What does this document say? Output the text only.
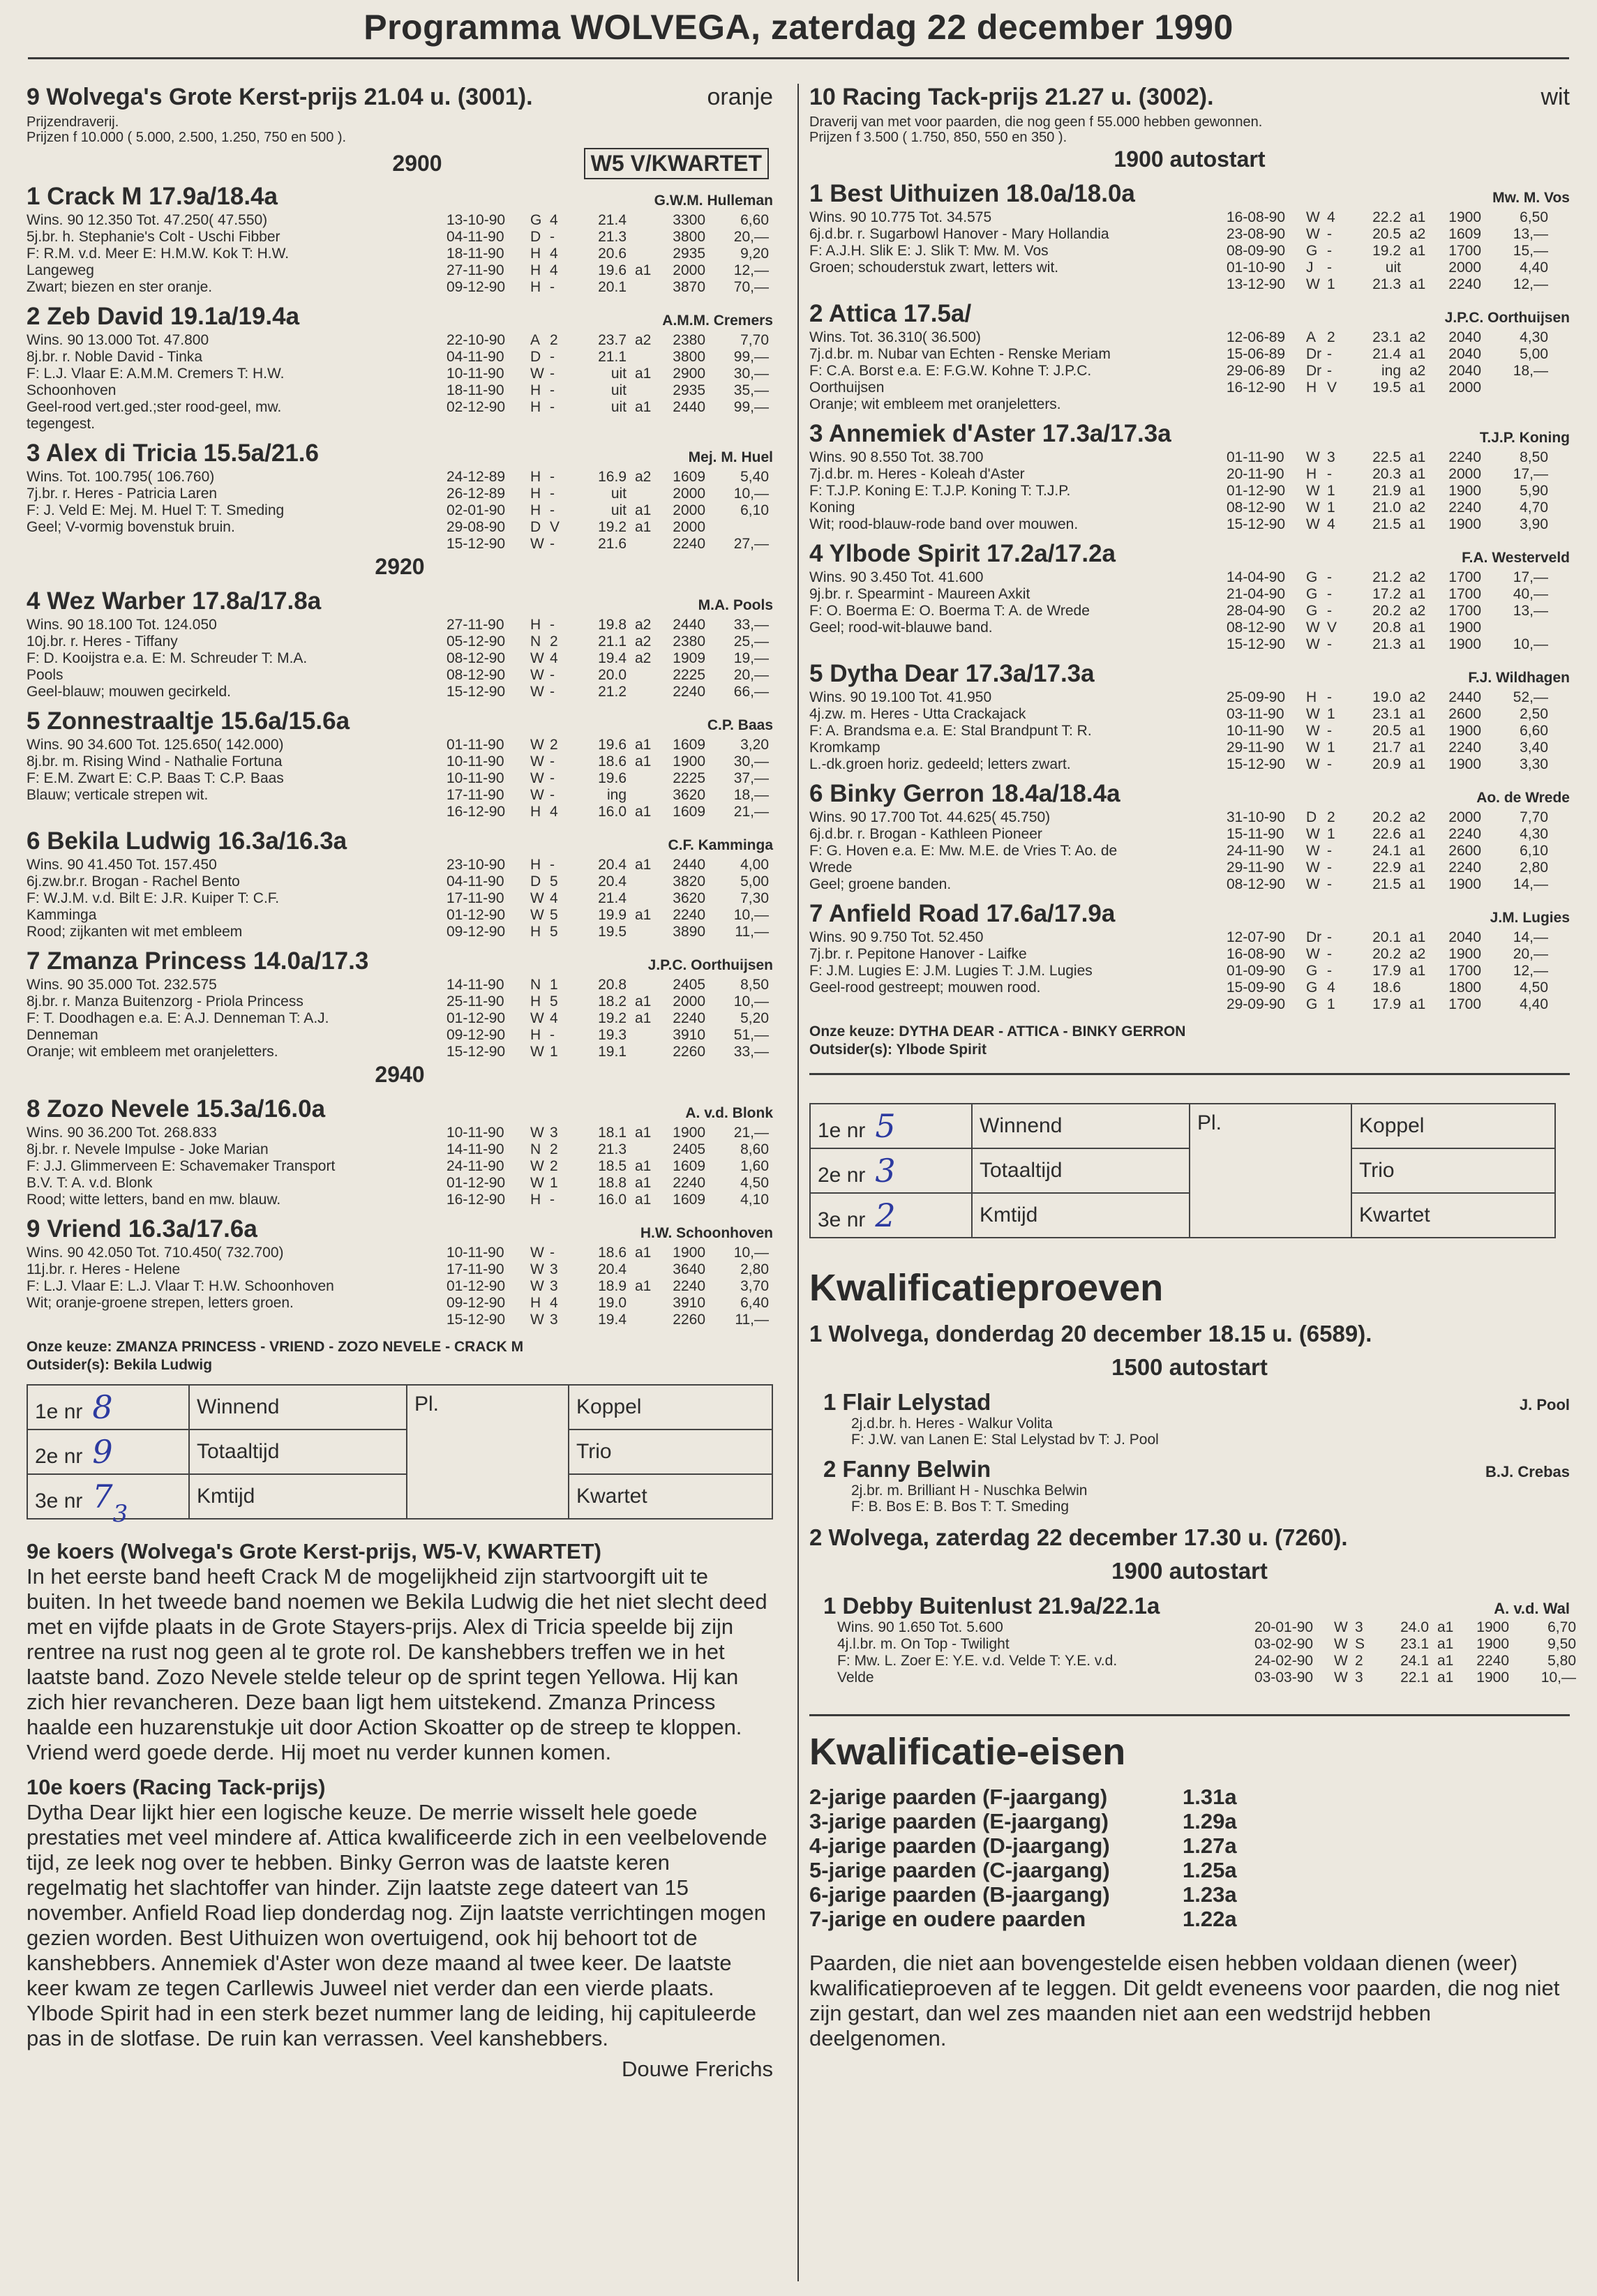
Programma WOLVEGA, zaterdag 22 december 1990
9 Wolvega's Grote Kerst-prijs 21.04 u. (3001).	oranje
Prijzendraverij.
Prijzen f 10.000 ( 5.000, 2.500, 1.250, 750 en 500 ).
2900	W5 V/KWARTET
1 Crack M 17.9a/18.4a	G.W.M. Hulleman
Wins. 90 12.350 Tot. 47.250( 47.550)
5j.br. h. Stephanie's Colt - Uschi Fibber
F: R.M. v.d. Meer E: H.M.W. Kok T: H.W.
Langeweg
Zwart; biezen en ster oranje.
13-10-90 G 4	21.4	3300	6,60
04-11-90 D -	21.3	3800	20,—
18-11-90 H 4	20.6	2935	9,20
27-11-90 H 4	19.6 a1	2000	12,—
09-12-90 H -	20.1	3870	70,—
2 Zeb David 19.1a/19.4a	A.M.M. Cremers
Wins. 90 13.000 Tot. 47.800
8j.br. r. Noble David - Tinka
F: L.J. Vlaar E: A.M.M. Cremers T: H.W.
Schoonhoven
Geel-rood vert.ged.;ster rood-geel, mw.
tegengest.
22-10-90 A 2	23.7 a2	2380	7,70
04-11-90 D -	21.1	3800	99,—
10-11-90 W -	uit a1	2900	30,—
18-11-90 H -	uit	2935	35,—
02-12-90 H -	uit a1	2440	99,—
3 Alex di Tricia 15.5a/21.6	Mej. M. Huel
Wins. Tot. 100.795( 106.760)
7j.br. r. Heres - Patricia Laren
F: J. Veld E: Mej. M. Huel T: T. Smeding
Geel; V-vormig bovenstuk bruin.
24-12-89 H -	16.9 a2	1609	5,40
26-12-89 H -	uit	2000	10,—
02-01-90 H -	uit a1	2000	6,10
29-08-90 D V	19.2 a1	2000
15-12-90 W -	21.6	2240	27,—
2920
4 Wez Warber 17.8a/17.8a	M.A. Pools
Wins. 90 18.100 Tot. 124.050
10j.br. r. Heres - Tiffany
F: D. Kooijstra e.a. E: M. Schreuder T: M.A.
Pools
Geel-blauw; mouwen gecirkeld.
27-11-90 H -	19.8 a2	2440	33,—
05-12-90 N 2	21.1 a2	2380	25,—
08-12-90 W 4	19.4 a2	1909	19,—
08-12-90 W -	20.0	2225	20,—
15-12-90 W -	21.2	2240	66,—
5 Zonnestraaltje 15.6a/15.6a	C.P. Baas
Wins. 90 34.600 Tot. 125.650( 142.000)
8j.br. m. Rising Wind - Nathalie Fortuna
F: E.M. Zwart E: C.P. Baas T: C.P. Baas
Blauw; verticale strepen wit.
01-11-90 W 2	19.6 a1	1609	3,20
10-11-90 W -	18.6 a1	1900	30,—
10-11-90 W -	19.6	2225	37,—
17-11-90 W -	ing	3620	18,—
16-12-90 H 4	16.0 a1	1609	21,—
6 Bekila Ludwig 16.3a/16.3a	C.F. Kamminga
Wins. 90 41.450 Tot. 157.450
6j.zw.br.r. Brogan - Rachel Bento
F: W.J.M. v.d. Bilt E: J.R. Kuiper T: C.F.
Kamminga
Rood; zijkanten wit met embleem
23-10-90 H -	20.4 a1	2440	4,00
04-11-90 D 5	20.4	3820	5,00
17-11-90 W 4	21.4	3620	7,30
01-12-90 W 5	19.9 a1	2240	10,—
09-12-90 H 5	19.5	3890	11,—
7 Zmanza Princess 14.0a/17.3	J.P.C. Oorthuijsen
Wins. 90 35.000 Tot. 232.575
8j.br. r. Manza Buitenzorg - Priola Princess
F: T. Doodhagen e.a. E: A.J. Denneman T: A.J.
Denneman
Oranje; wit embleem met oranjeletters.
14-11-90 N 1	20.8	2405	8,50
25-11-90 H 5	18.2 a1	2000	10,—
01-12-90 W 4	19.2 a1	2240	5,20
09-12-90 H -	19.3	3910	51,—
15-12-90 W 1	19.1	2260	33,—
2940
8 Zozo Nevele 15.3a/16.0a	A. v.d. Blonk
Wins. 90 36.200 Tot. 268.833
8j.br. r. Nevele Impulse - Joke Marian
F: J.J. Glimmerveen E: Schavemaker Transport
B.V. T: A. v.d. Blonk
Rood; witte letters, band en mw. blauw.
10-11-90 W 3	18.1 a1	1900	21,—
14-11-90 N 2	21.3	2405	8,60
24-11-90 W 2	18.5 a1	1609	1,60
01-12-90 W 1	18.8 a1	2240	4,50
16-12-90 H -	16.0 a1	1609	4,10
9 Vriend 16.3a/17.6a	H.W. Schoonhoven
Wins. 90 42.050 Tot. 710.450( 732.700)
11j.br. r. Heres - Helene
F: L.J. Vlaar E: L.J. Vlaar T: H.W. Schoonhoven
Wit; oranje-groene strepen, letters groen.
10-11-90 W -	18.6 a1	1900	10,—
17-11-90 W 3	20.4	3640	2,80
01-12-90 W 3	18.9 a1	2240	3,70
09-12-90 H 4	19.0	3910	6,40
15-12-90 W 3	19.4	2260	11,—
Onze keuze: ZMANZA PRINCESS - VRIEND - ZOZO NEVELE - CRACK M
Outsider(s): Bekila Ludwig
1e nr 8	Winnend	Pl.	Koppel
2e nr 9	Totaaltijd		Trio
3e nr 73	Kmtijd		Kwartet
9e koers (Wolvega's Grote Kerst-prijs, W5-V, KWARTET)

In het eerste band heeft Crack M de mogelijkheid zijn startvoorgift uit te buiten. In het tweede band noemen we Bekila Ludwig die het niet slecht deed met en vijfde plaats in de Grote Stayers-prijs. Alex di Tricia speelde bij zijn rentree na rust nog geen al te grote rol. De kanshebbers treffen we in het laatste band. Zozo Nevele stelde teleur op de sprint tegen Yellowa. Hij kan zich hier revancheren. Deze baan ligt hem uitstekend. Zmanza Princess haalde een huzarenstukje uit door Action Skoatter op de streep te kloppen. Vriend werd goede derde. Hij moet nu verder kunnen komen.

10e koers (Racing Tack-prijs)

Dytha Dear lijkt hier een logische keuze. De merrie wisselt hele goede prestaties met veel mindere af. Attica kwalificeerde zich in een veelbelovende tijd, ze leek nog over te hebben. Binky Gerron was de laatste keren regelmatig het slachtoffer van hinder. Zijn laatste zege dateert van 15 november. Anfield Road liep donderdag nog. Zijn laatste verrichtingen mogen gezien worden. Best Uithuizen won overtuigend, ook hij behoort tot de kanshebbers. Annemiek d'Aster won deze maand al twee keer. De laatste keer kwam ze tegen Carllewis Juweel niet verder dan een vierde plaats. Ylbode Spirit had in een sterk bezet nummer lang de leiding, hij capituleerde pas in de slotfase. De ruin kan verrassen. Veel kanshebbers.

Douwe Frerichs
10 Racing Tack-prijs 21.27 u. (3002).	wit
Draverij van met voor paarden, die nog geen f 55.000 hebben gewonnen.
Prijzen f 3.500 ( 1.750, 850, 550 en 350 ).
1900 autostart
1 Best Uithuizen 18.0a/18.0a	Mw. M. Vos
Wins. 90 10.775 Tot. 34.575
6j.d.br. r. Sugarbowl Hanover - Mary Hollandia
F: A.J.H. Slik E: J. Slik T: Mw. M. Vos
Groen; schouderstuk zwart, letters wit.
16-08-90 W 4	22.2 a1	1900	6,50
23-08-90 W -	20.5 a2	1609	13,—
08-09-90 G -	19.2 a1	1700	15,—
01-10-90 J -	uit	2000	4,40
13-12-90 W 1	21.3 a1	2240	12,—
2 Attica 17.5a/	J.P.C. Oorthuijsen
Wins. Tot. 36.310( 36.500)
7j.d.br. m. Nubar van Echten - Renske Meriam
F: C.A. Borst e.a. E: F.G.W. Kohne T: J.P.C.
Oorthuijsen
Oranje; wit embleem met oranjeletters.
12-06-89 A 2	23.1 a2	2040	4,30
15-06-89 Dr -	21.4 a1	2040	5,00
29-06-89 Dr -	ing a2	2040	18,—
16-12-90 H V	19.5 a1	2000
3 Annemiek d'Aster 17.3a/17.3a	T.J.P. Koning
Wins. 90 8.550 Tot. 38.700
7j.d.br. m. Heres - Koleah d'Aster
F: T.J.P. Koning E: T.J.P. Koning T: T.J.P.
Koning
Wit; rood-blauw-rode band over mouwen.
01-11-90 W 3	22.5 a1	2240	8,50
20-11-90 H -	20.3 a1	2000	17,—
01-12-90 W 1	21.9 a1	1900	5,90
08-12-90 W 1	21.0 a2	2240	4,70
15-12-90 W 4	21.5 a1	1900	3,90
4 Ylbode Spirit 17.2a/17.2a	F.A. Westerveld
Wins. 90 3.450 Tot. 41.600
9j.br. r. Spearmint - Maureen Axkit
F: O. Boerma E: O. Boerma T: A. de Wrede
Geel; rood-wit-blauwe band.
14-04-90 G -	21.2 a2	1700	17,—
21-04-90 G -	17.2 a1	1700	40,—
28-04-90 G -	20.2 a2	1700	13,—
08-12-90 W V	20.8 a1	1900
15-12-90 W -	21.3 a1	1900	10,—
5 Dytha Dear 17.3a/17.3a	F.J. Wildhagen
Wins. 90 19.100 Tot. 41.950
4j.zw. m. Heres - Utta Crackajack
F: A. Brandsma e.a. E: Stal Brandpunt T: R.
Kromkamp
L.-dk.groen horiz. gedeeld; letters zwart.
25-09-90 H -	19.0 a2	2440	52,—
03-11-90 W 1	23.1 a1	2600	2,50
10-11-90 W -	20.5 a1	1900	6,60
29-11-90 W 1	21.7 a1	2240	3,40
15-12-90 W -	20.9 a1	1900	3,30
6 Binky Gerron 18.4a/18.4a	Ao. de Wrede
Wins. 90 17.700 Tot. 44.625( 45.750)
6j.d.br. r. Brogan - Kathleen Pioneer
F: G. Hoven e.a. E: Mw. M.E. de Vries T: Ao. de
Wrede
Geel; groene banden.
31-10-90 D 2	20.2 a2	2000	7,70
15-11-90 W 1	22.6 a1	2240	4,30
24-11-90 W -	24.1 a1	2600	6,10
29-11-90 W -	22.9 a1	2240	2,80
08-12-90 W -	21.5 a1	1900	14,—
7 Anfield Road 17.6a/17.9a	J.M. Lugies
Wins. 90 9.750 Tot. 52.450
7j.br. r. Pepitone Hanover - Laifke
F: J.M. Lugies E: J.M. Lugies T: J.M. Lugies
Geel-rood gestreept; mouwen rood.
12-07-90 Dr -	20.1 a1	2040	14,—
16-08-90 W -	20.2 a2	1900	20,—
01-09-90 G -	17.9 a1	1700	12,—
15-09-90 G 4	18.6	1800	4,50
29-09-90 G 1	17.9 a1	1700	4,40
Onze keuze: DYTHA DEAR - ATTICA - BINKY GERRON
Outsider(s): Ylbode Spirit
1e nr 5	Winnend	Pl.	Koppel
2e nr 3	Totaaltijd		Trio
3e nr 2	Kmtijd		Kwartet
Kwalificatieproeven
1 Wolvega, donderdag 20 december 18.15 u. (6589).
1500 autostart
1 Flair Lelystad	J. Pool
2j.d.br. h. Heres - Walkur Volita
F: J.W. van Lanen E: Stal Lelystad bv T: J. Pool
2 Fanny Belwin	B.J. Crebas
2j.br. m. Brilliant H - Nuschka Belwin
F: B. Bos E: B. Bos T: T. Smeding
2 Wolvega, zaterdag 22 december 17.30 u. (7260).
1900 autostart
1 Debby Buitenlust 21.9a/22.1a	A. v.d. Wal
Wins. 90 1.650 Tot. 5.600
4j.l.br. m. On Top - Twilight
F: Mw. L. Zoer E: Y.E. v.d. Velde T: Y.E. v.d.
Velde
20-01-90 W 3	24.0 a1	1900	6,70
03-02-90 W S	23.1 a1	1900	9,50
24-02-90 W 2	24.1 a1	2240	5,80
03-03-90 W 3	22.1 a1	1900	10,—
Kwalificatie-eisen
2-jarige paarden (F-jaargang)	1.31a
3-jarige paarden (E-jaargang)	1.29a
4-jarige paarden (D-jaargang)	1.27a
5-jarige paarden (C-jaargang)	1.25a
6-jarige paarden (B-jaargang)	1.23a
7-jarige en oudere paarden	1.22a
Paarden, die niet aan bovengestelde eisen hebben voldaan dienen (weer) kwalificatieproeven af te leggen. Dit geldt eveneens voor paarden, die nog niet zijn gestart, dan wel zes maanden niet aan een wedstrijd hebben deelgenomen.
